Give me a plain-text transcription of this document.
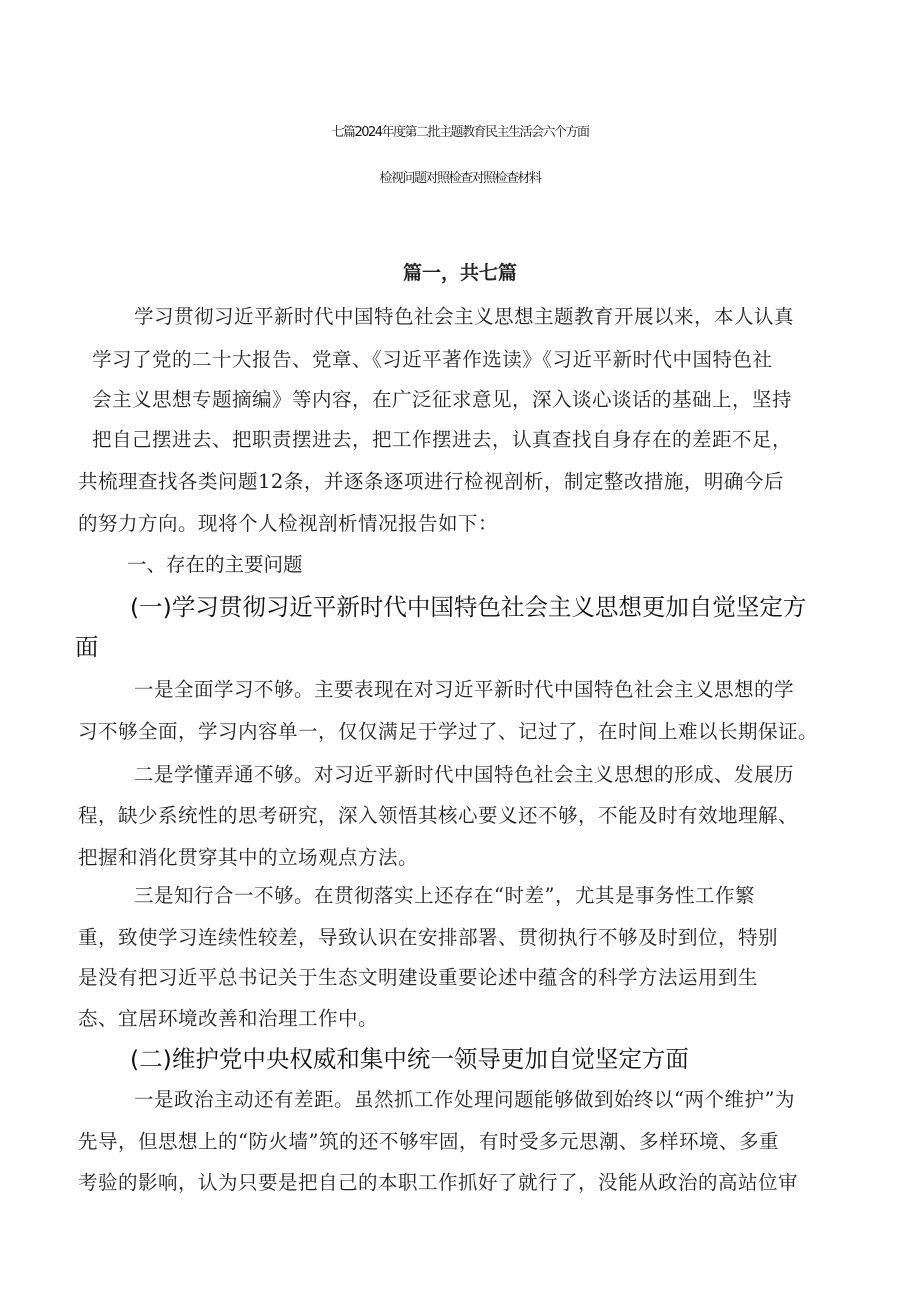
七篇2024年度第二批主题教育民主生活会六个方面
检视问题对照检查对照检查材料
篇一，共七篇
学习贯彻习近平新时代中国特色社会主义思想主题教育开展以来，本人认真
学习了党的二十大报告、党章、《习近平著作选读》《习近平新时代中国特色社
会主义思想专题摘编》等内容，在广泛征求意见，深入谈心谈话的基础上，坚持
把自己摆进去、把职责摆进去，把工作摆进去，认真查找自身存在的差距不足，
共梳理查找各类问题12条，并逐条逐项进行检视剖析，制定整改措施，明确今后
的努力方向。现将个人检视剖析情况报告如下：
一、存在的主要问题
(一)学习贯彻习近平新时代中国特色社会主义思想更加自觉坚定方
面
一是全面学习不够。主要表现在对习近平新时代中国特色社会主义思想的学
习不够全面，学习内容单一，仅仅满足于学过了、记过了，在时间上难以长期保证。
二是学懂弄通不够。对习近平新时代中国特色社会主义思想的形成、发展历
程，缺少系统性的思考研究，深入领悟其核心要义还不够，不能及时有效地理解、
把握和消化贯穿其中的立场观点方法。
三是知行合一不够。在贯彻落实上还存在“时差”，尤其是事务性工作繁
重，致使学习连续性较差，导致认识在安排部署、贯彻执行不够及时到位，特别
是没有把习近平总书记关于生态文明建设重要论述中蕴含的科学方法运用到生
态、宜居环境改善和治理工作中。
(二)维护党中央权威和集中统一领导更加自觉坚定方面
一是政治主动还有差距。虽然抓工作处理问题能够做到始终以“两个维护”为
先导，但思想上的“防火墙”筑的还不够牢固，有时受多元思潮、多样环境、多重
考验的影响，认为只要是把自己的本职工作抓好了就行了，没能从政治的高站位审
